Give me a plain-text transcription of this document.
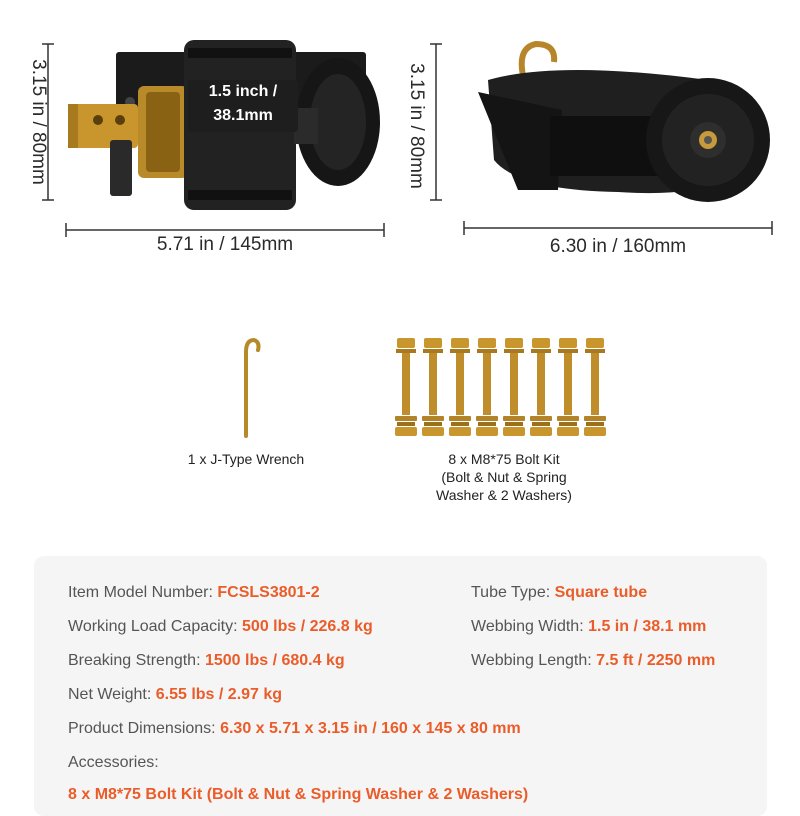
3.15 in / 80mm	1.5 inch /
38.1mm
5.71 in / 145mm
3.15 in / 80mm
6.30 in / 160mm
1 x J-Type Wrench	8 x M8*75 Bolt Kit
(Bolt & Nut & Spring
Washer & 2 Washers)
Item Model Number: FCSLS3801-2	Tube Type: Square tube
Working Load Capacity: 500 lbs / 226.8 kg	Webbing Width: 1.5 in / 38.1 mm
Breaking Strength: 1500 lbs / 680.4 kg	Webbing Length: 7.5 ft / 2250 mm
Net Weight: 6.55 lbs / 2.97 kg
Product Dimensions: 6.30 x 5.71 x 3.15 in / 160 x 145 x 80 mm
Accessories:
8 x M8*75 Bolt Kit (Bolt & Nut & Spring Washer & 2 Washers)
